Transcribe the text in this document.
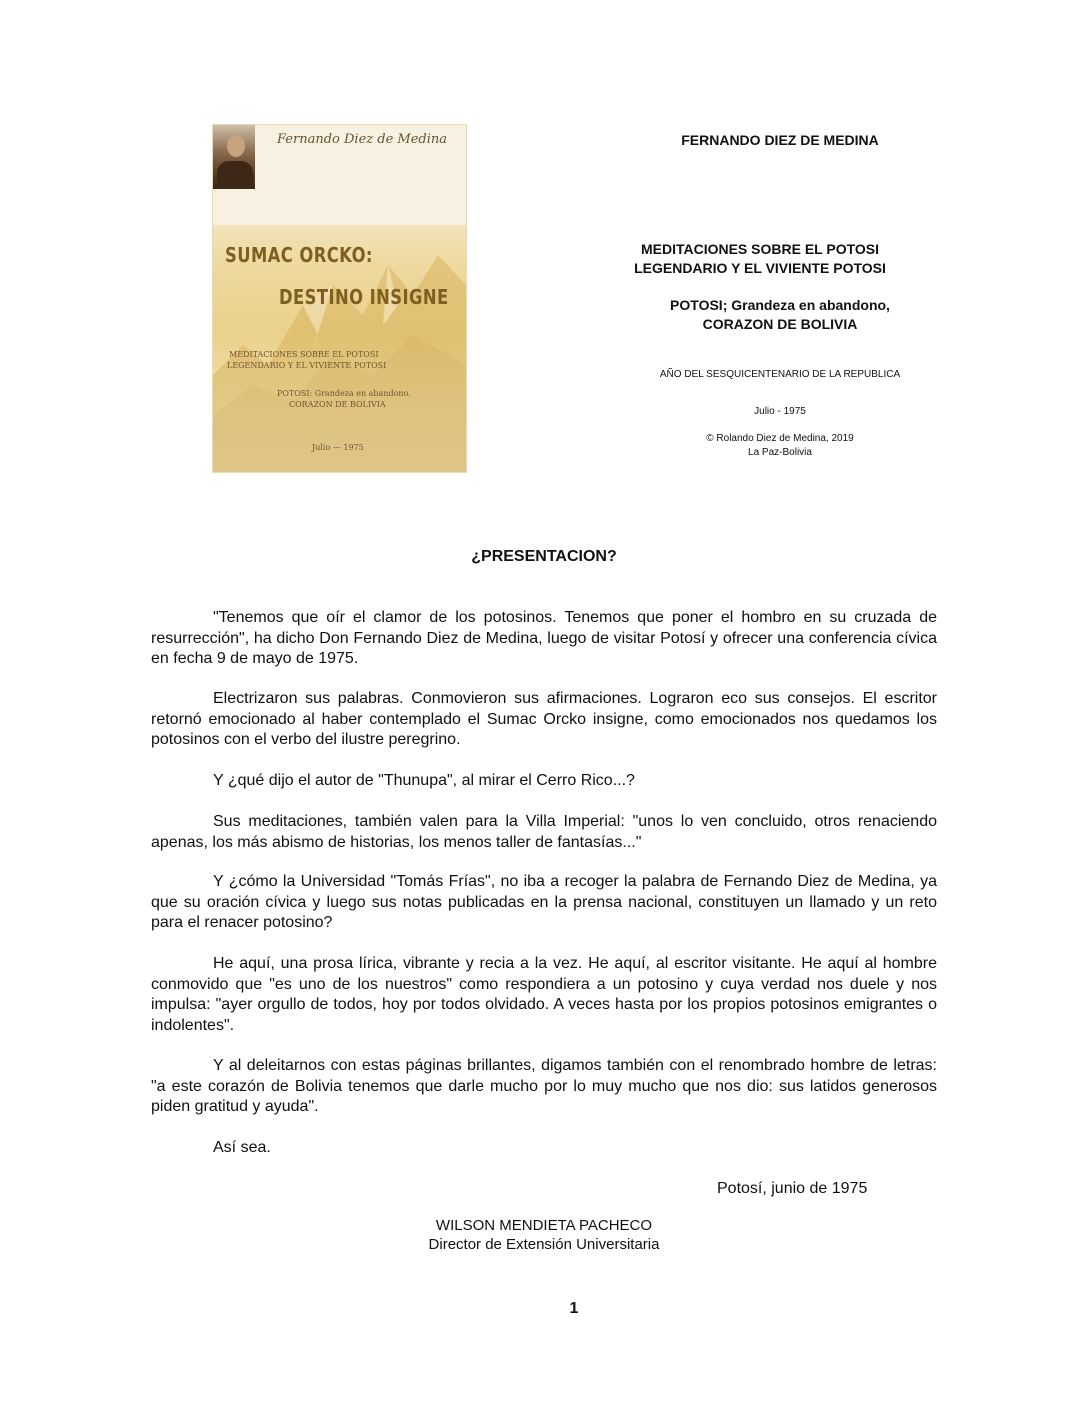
Fernando Diez de Medina
SUMAC ORCKO:
DESTINO INSIGNE
MEDITACIONES SOBRE EL POTOSI
LEGENDARIO Y EL VIVIENTE POTOSI
POTOSI: Grandeza en abandono.
CORAZON DE BOLIVIA
Julio — 1975
FERNANDO DIEZ DE MEDINA
MEDITACIONES SOBRE EL POTOSI
LEGENDARIO Y EL VIVIENTE POTOSI
POTOSI; Grandeza en abandono,
CORAZON DE BOLIVIA
AÑO DEL SESQUICENTENARIO DE LA REPUBLICA
Julio - 1975
© Rolando Diez de Medina, 2019
La Paz-Bolivia
¿PRESENTACION?
"Tenemos que oír el clamor de los potosinos. Tenemos que poner el hombro en su cruzada de resurrección", ha dicho Don Fernando Diez de Medina, luego de visitar Potosí y ofrecer una conferencia cívica en fecha 9 de mayo de 1975.
Electrizaron sus palabras. Conmovieron sus afirmaciones. Lograron eco sus consejos. El escritor retornó emocionado al haber contemplado el Sumac Orcko insigne, como emocionados nos quedamos los potosinos con el verbo del ilustre peregrino.
Y ¿qué dijo el autor de "Thunupa", al mirar el Cerro Rico...?
Sus meditaciones, también valen para la Villa Imperial: "unos lo ven concluido, otros renaciendo apenas, los más abismo de historias, los menos taller de fantasías..."
Y ¿cómo la Universidad "Tomás Frías", no iba a recoger la palabra de Fernando Diez de Medina, ya que su oración cívica y luego sus notas publicadas en la prensa nacional, constituyen un llamado y un reto para el renacer potosino?
He aquí, una prosa lírica, vibrante y recia a la vez. He aquí, al escritor visitante. He aquí al hombre conmovido que "es uno de los nuestros" como respondiera a un potosino y cuya verdad nos duele y nos impulsa: "ayer orgullo de todos, hoy por todos olvidado. A veces hasta por los propios potosinos emigrantes o indolentes".
Y al deleitarnos con estas páginas brillantes, digamos también con el renombrado hombre de letras: "a este corazón de Bolivia tenemos que darle mucho por lo muy mucho que nos dio: sus latidos generosos piden gratitud y ayuda".
Así sea.
Potosí, junio de 1975
WILSON MENDIETA PACHECO
Director de Extensión Universitaria
1
